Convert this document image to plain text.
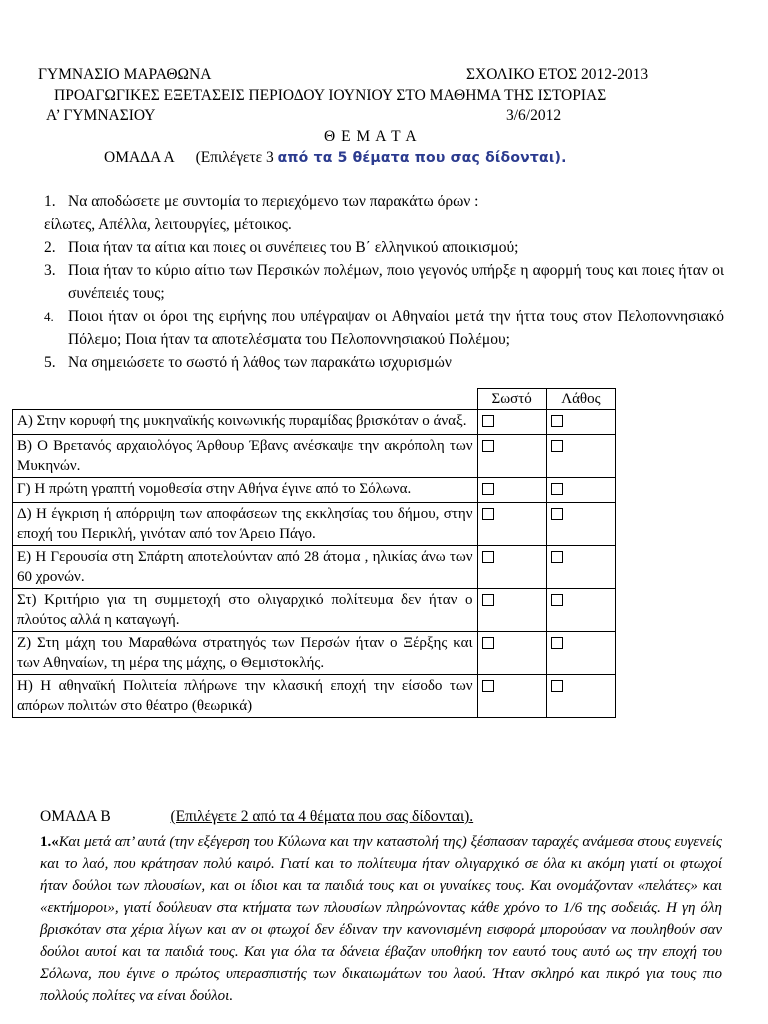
ΓΥΜΝΑΣΙΟ ΜΑΡΑΘΩΝΑ	ΣΧΟΛΙΚΟ ΕΤΟΣ 2012-2013
ΠΡΟΑΓΩΓΙΚΕΣ ΕΞΕΤΑΣΕΙΣ ΠΕΡΙΟΔΟΥ ΙΟΥΝΙΟΥ ΣΤΟ ΜΑΘΗΜΑ ΤΗΣ ΙΣΤΟΡΙΑΣ
Α’ ΓΥΜΝΑΣΙΟΥ	3/6/2012
Θ Ε Μ Α Τ Α
ΟΜΑΔΑ Α (Επιλέγετε 3 από τα 5 θέματα που σας δίδονται).
1. Να αποδώσετε με συντομία το περιεχόμενο των παρακάτω όρων :
είλωτες, Απέλλα, λειτουργίες, μέτοικος.
2. Ποια ήταν τα αίτια και ποιες οι συνέπειες του Β΄ ελληνικού αποικισμού;
3. Ποια ήταν το κύριο αίτιο των Περσικών πολέμων, ποιο γεγονός υπήρξε η αφορμή τους και ποιες ήταν οι συνέπειές τους;
4. Ποιοι ήταν οι όροι της ειρήνης που υπέγραψαν οι Αθηναίοι μετά την ήττα τους στον Πελοποννησιακό Πόλεμο; Ποια ήταν τα αποτελέσματα του Πελοποννησιακού Πολέμου;
5. Να σημειώσετε το σωστό ή λάθος των παρακάτω ισχυρισμών
	Σωστό	Λάθος
Α) Στην κορυφή της μυκηναϊκής κοινωνικής πυραμίδας βρισκόταν ο άναξ.		
Β) Ο Βρετανός αρχαιολόγος Άρθουρ Έβανς ανέσκαψε την ακρόπολη των Μυκηνών.		
Γ) Η πρώτη γραπτή νομοθεσία στην Αθήνα έγινε από το Σόλωνα.		
Δ) Η έγκριση ή απόρριψη των αποφάσεων της εκκλησίας του δήμου, στην εποχή του Περικλή, γινόταν από τον Άρειο Πάγο.		
Ε) Η Γερουσία στη Σπάρτη αποτελούνταν από 28 άτομα , ηλικίας άνω των 60 χρονών.		
Στ) Κριτήριο για τη συμμετοχή στο ολιγαρχικό πολίτευμα δεν ήταν ο πλούτος αλλά η καταγωγή.		
Ζ) Στη μάχη του Μαραθώνα στρατηγός των Περσών ήταν ο Ξέρξης και των Αθηναίων, τη μέρα της μάχης, ο Θεμιστοκλής.		
Η) Η αθηναϊκή Πολιτεία πλήρωνε την κλασική εποχή την είσοδο των απόρων πολιτών στο θέατρο (θεωρικά)		
ΟΜΑΔΑ Β	(Επιλέγετε 2 από τα 4 θέματα που σας δίδονται).
1.«Και μετά απ’ αυτά (την εξέγερση του Κύλωνα και την καταστολή της) ξέσπασαν ταραχές ανάμεσα στους ευγενείς και το λαό, που κράτησαν πολύ καιρό. Γιατί και το πολίτευμα ήταν ολιγαρχικό σε όλα κι ακόμη γιατί οι φτωχοί ήταν δούλοι των πλουσίων, και οι ίδιοι και τα παιδιά τους και οι γυναίκες τους. Και ονομάζονταν «πελάτες» και «εκτήμοροι», γιατί δούλευαν στα κτήματα των πλουσίων πληρώνοντας κάθε χρόνο το 1/6 της σοδειάς. Η γη όλη βρισκόταν στα χέρια λίγων και αν οι φτωχοί δεν έδιναν την κανονισμένη εισφορά μπορούσαν να πουληθούν σαν δούλοι αυτοί και τα παιδιά τους. Και για όλα τα δάνεια έβαζαν υποθήκη τον εαυτό τους αυτό ως την εποχή του Σόλωνα, που έγινε ο πρώτος υπερασπιστής των δικαιωμάτων του λαού. Ήταν σκληρό και πικρό για τους πιο πολλούς πολίτες να είναι δούλοι.
